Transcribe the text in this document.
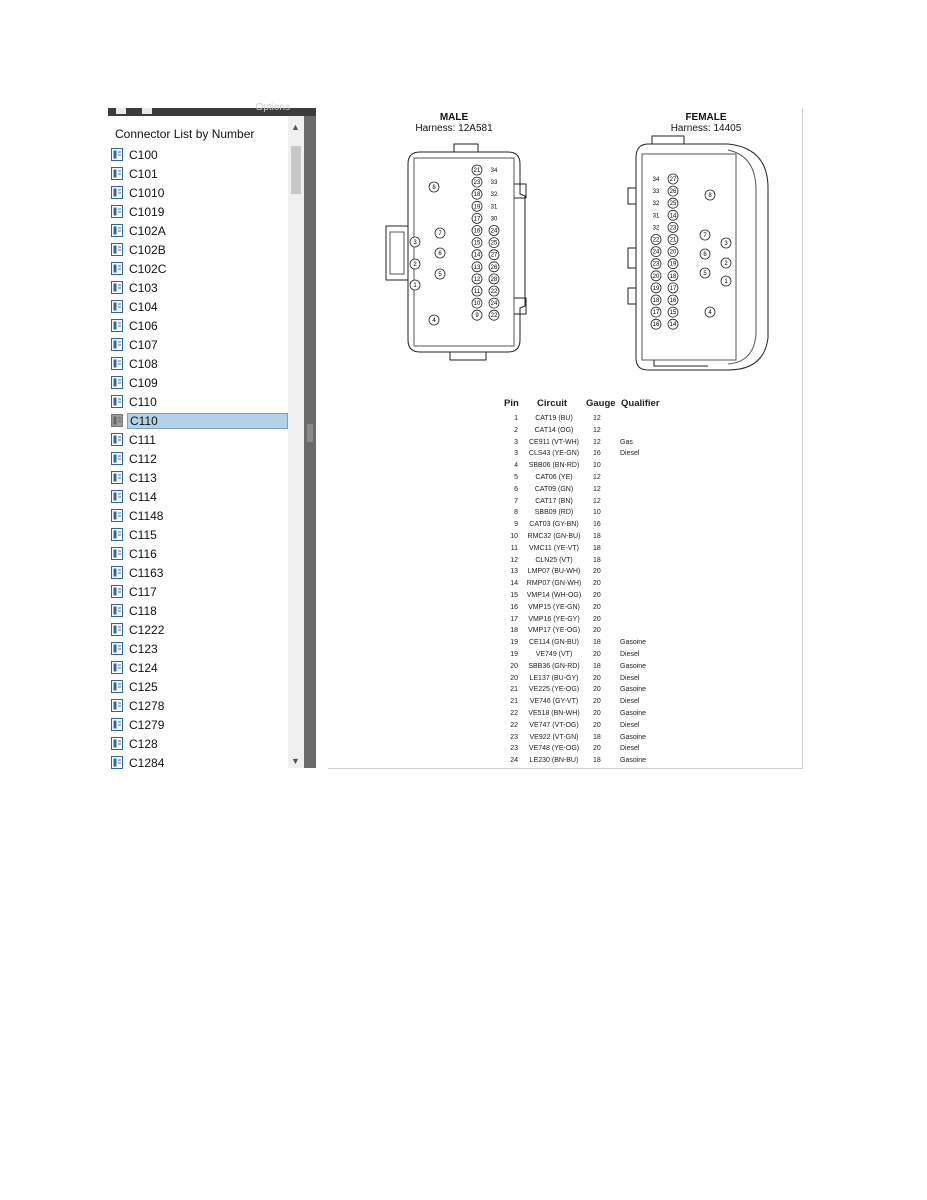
Options
Connector List by Number
C100
C101
C1010
C1019
C102A
C102B
C102C
C103
C104
C106
C107
C108
C109
C110
C110
C111
C112
C113
C114
C1148
C115
C116
C1163
C117
C118
C1222
C123
C124
C125
C1278
C1279
C128
C1284
▲
▼
MALE
Harness: 12A581
FEMALE
Harness: 14405
21 34
23 33
18 32
19 31
17 30
16 24
15 25
14 27
13 26
12 28
11 22
10 24
9 22
8
7
3
6
2
5
1
4
34 27
33 26
32 25
31 14
32 23
22 21
24 20
23 19
20 18
19 17
18 16
17 15
16 14
8
7
3
6
2
5
1
4
Pin Circuit Gauge Qualifier
1	CAT19 (BU)	12
2	CAT14 (OG)	12
3	CE911 (VT-WH)	12	Gas
3	CLS43 (YE-GN)	16	Diesel
4	SBB06 (BN-RD)	10
5	CAT06 (YE)	12
6	CAT09 (GN)	12
7	CAT17 (BN)	12
8	SBB09 (RD)	10
9	CAT03 (GY-BN)	16
10	RMC32 (GN-BU)	18
11	VMC11 (YE-VT)	18
12	CLN25 (VT)	18
13	LMP07 (BU-WH)	20
14	RMP07 (GN-WH)	20
15	VMP14 (WH-OG)	20
16	VMP15 (YE-GN)	20
17	VMP16 (YE-GY)	20
18	VMP17 (YE-OG)	20
19	CE114 (GN-BU)	18	Gasoine
19	VE749 (VT)	20	Diesel
20	SBB36 (GN-RD)	18	Gasoine
20	LE137 (BU-GY)	20	Diesel
21	VE225 (YE-OG)	20	Gasoine
21	VE746 (GY-VT)	20	Diesel
22	VE518 (BN-WH)	20	Gasoine
22	VE747 (VT-OG)	20	Diesel
23	VE922 (VT-GN)	18	Gasoine
23	VE748 (YE-OG)	20	Diesel
24	LE230 (BN-BU)	18	Gasoine
